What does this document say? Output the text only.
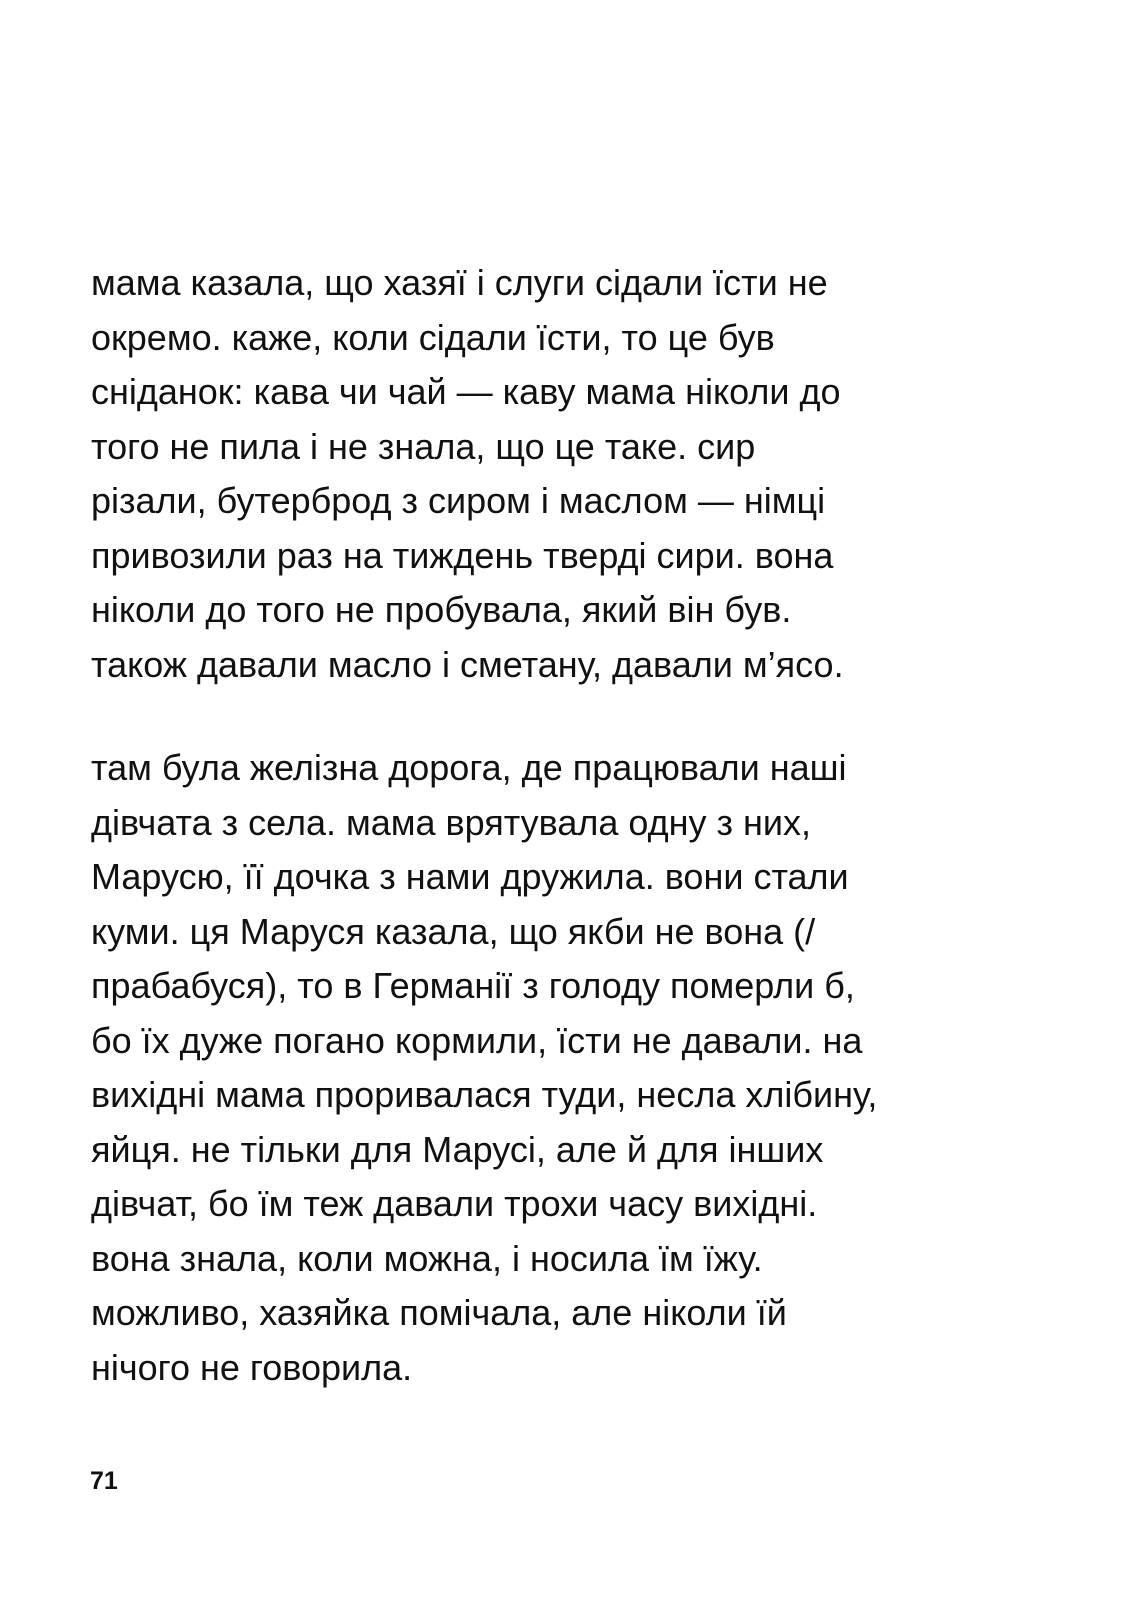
мама казала, що хазяї і слуги сідали їсти не
окремо. каже, коли сідали їсти, то це був
сніданок: кава чи чай — каву мама ніколи до
того не пила і не знала, що це таке. сир
різали, бутерброд з сиром і маслом — німці
привозили раз на тиждень тверді сири. вона
ніколи до того не пробувала, який він був.
також давали масло і сметану, давали м’ясо.

там була желізна дорога, де працювали наші
дівчата з села. мама врятувала одну з них,
Марусю, її дочка з нами дружила. вони стали
куми. ця Маруся казала, що якби не вона (/
прабабуся), то в Германії з голоду померли б,
бо їх дуже погано кормили, їсти не давали. на
вихідні мама проривалася туди, несла хлібину,
яйця. не тільки для Марусі, але й для інших
дівчат, бо їм теж давали трохи часу вихідні.
вона знала, коли можна, і носила їм їжу.
можливо, хазяйка помічала, але ніколи їй
нічого не говорила.

71
